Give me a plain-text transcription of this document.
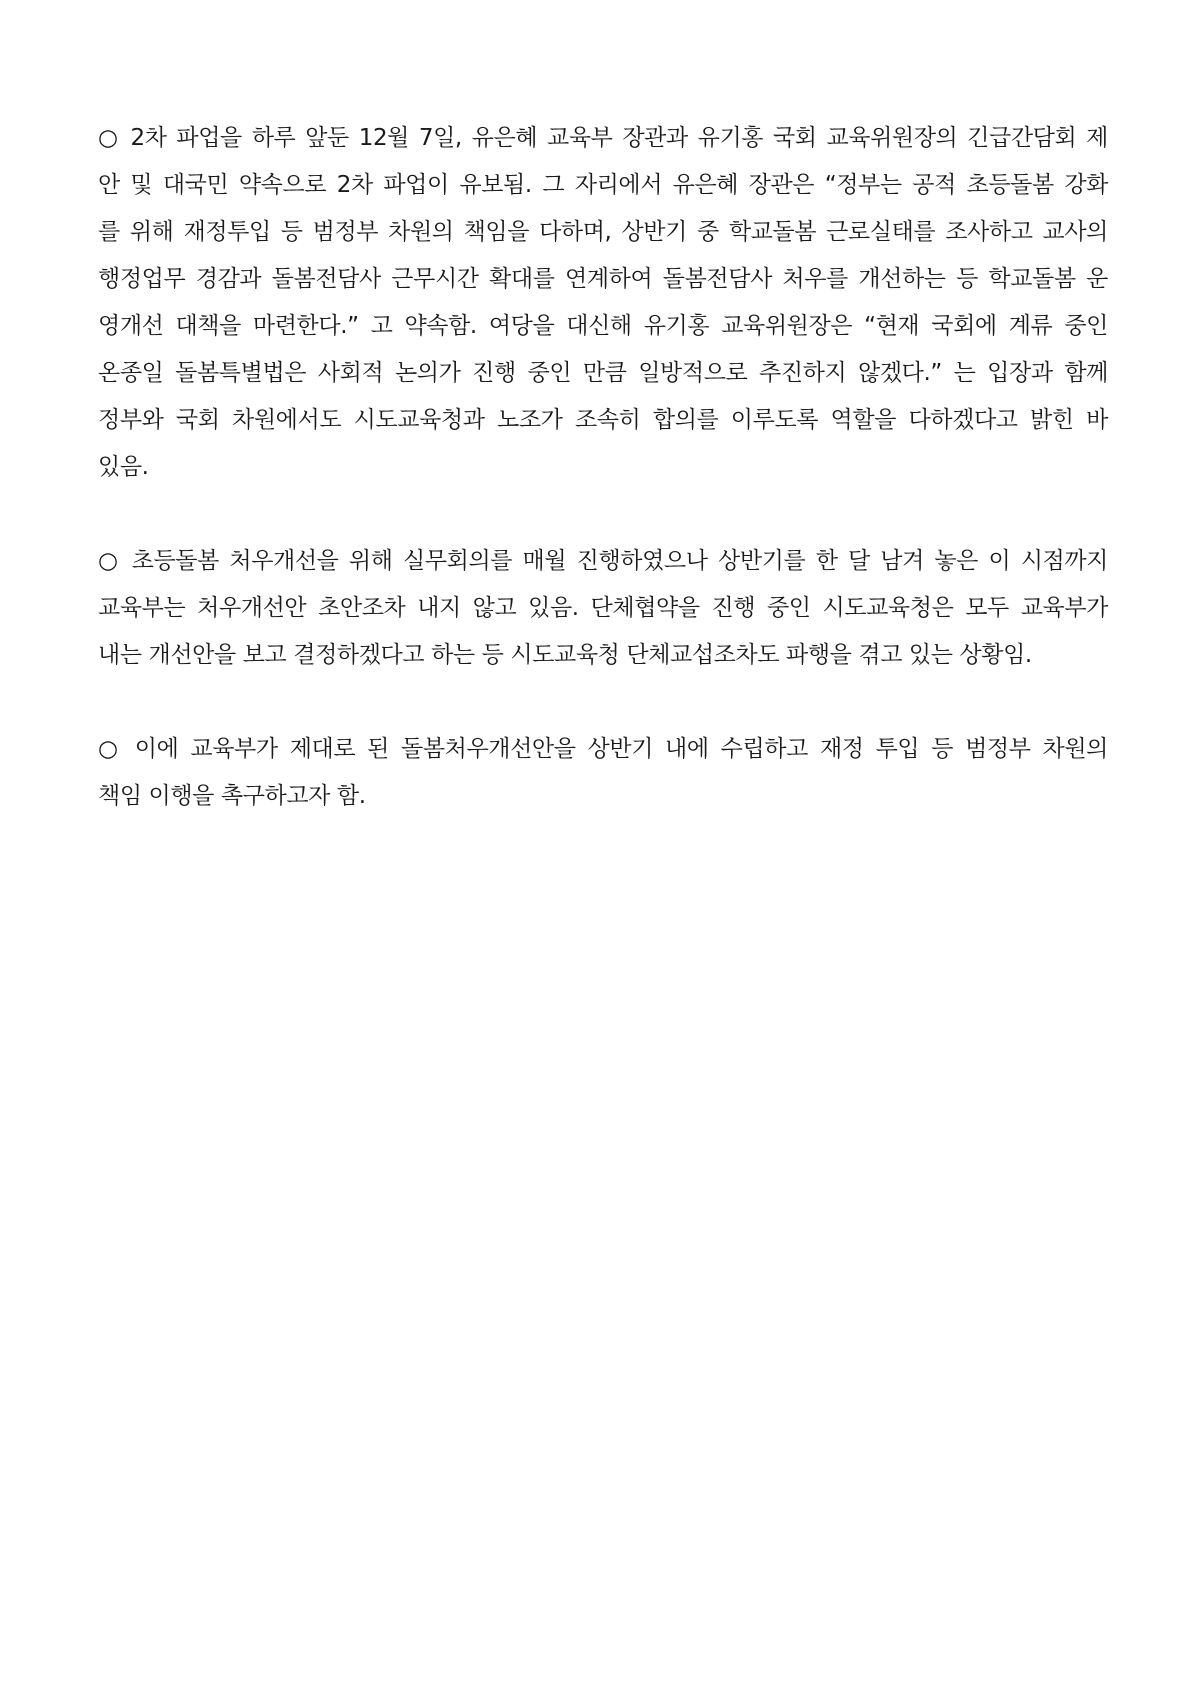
○ 2차 파업을 하루 앞둔 12월 7일, 유은혜 교육부 장관과 유기홍 국회 교육위원장의 긴급간담회 제
안 및 대국민 약속으로 2차 파업이 유보됨. 그 자리에서 유은혜 장관은 “정부는 공적 초등돌봄 강화
를 위해 재정투입 등 범정부 차원의 책임을 다하며, 상반기 중 학교돌봄 근로실태를 조사하고 교사의
행정업무 경감과 돌봄전담사 근무시간 확대를 연계하여 돌봄전담사 처우를 개선하는 등 학교돌봄 운
영개선 대책을 마련한다.” 고 약속함. 여당을 대신해 유기홍 교육위원장은 “현재 국회에 계류 중인
온종일 돌봄특별법은 사회적 논의가 진행 중인 만큼 일방적으로 추진하지 않겠다.” 는 입장과 함께
정부와 국회 차원에서도 시도교육청과 노조가 조속히 합의를 이루도록 역할을 다하겠다고 밝힌 바
있음.
○ 초등돌봄 처우개선을 위해 실무회의를 매월 진행하였으나 상반기를 한 달 남겨 놓은 이 시점까지
교육부는 처우개선안 초안조차 내지 않고 있음. 단체협약을 진행 중인 시도교육청은 모두 교육부가
내는 개선안을 보고 결정하겠다고 하는 등 시도교육청 단체교섭조차도 파행을 겪고 있는 상황임.
○ 이에 교육부가 제대로 된 돌봄처우개선안을 상반기 내에 수립하고 재정 투입 등 범정부 차원의
책임 이행을 촉구하고자 함.
